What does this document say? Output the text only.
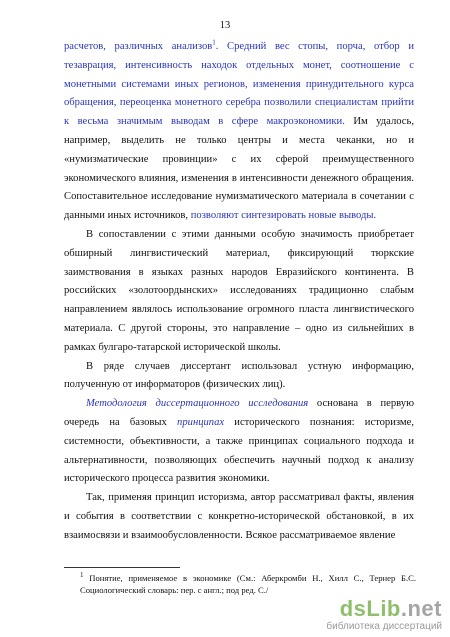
13

расчетов, различных анализов$^1$. Средний вес стопы, порча, отбор и тезаврация, интенсивность находок отдельных монет, соотношение с монетными системами иных регионов, изменения принудительного курса обращения, переоценка монетного серебра позволили специалистам прийти к весьма значимым выводам в сфере макроэкономики. Им удалось, например, выделить не только центры и места чеканки, но и «нумизматические провинции» с их сферой преимущественного экономического влияния, изменения в интенсивности денежного обращения. Сопоставительное исследование нумизматического материала в сочетании с данными иных источников, позволяют синтезировать новые выводы.

В сопоставлении с этими данными особую значимость приобретает обширный лингвистический материал, фиксирующий тюркские заимствования в языках разных народов Евразийского континента. В российских «золотоордынских» исследованиях традиционно слабым направлением являлось использование огромного пласта лингвистического материала. С другой стороны, это направление – одно из сильнейших в рамках булгаро-татарской исторической школы.

В ряде случаев диссертант использовал устную информацию, полученную от информаторов (физических лиц).

Методология диссертационного исследования основана в первую очередь на базовых принципах исторического познания: историзме, системности, объективности, а также принципах социального подхода и альтернативности, позволяющих обеспечить научный подход к анализу исторического процесса развития экономики.

Так, применяя принцип историзма, автор рассматривал факты, явления и события в соответствии с конкретно-исторической обстановкой, в их взаимосвязи и взаимообусловленности. Всякое рассматриваемое явление

$^1$ Понятие, применяемое в экономике (См.: Аберкромби Н., Хилл С., Тернер Б.С. Социологический словарь: пер. с англ.; под ред. С./
dsLib.net
библиотека диссертаций
